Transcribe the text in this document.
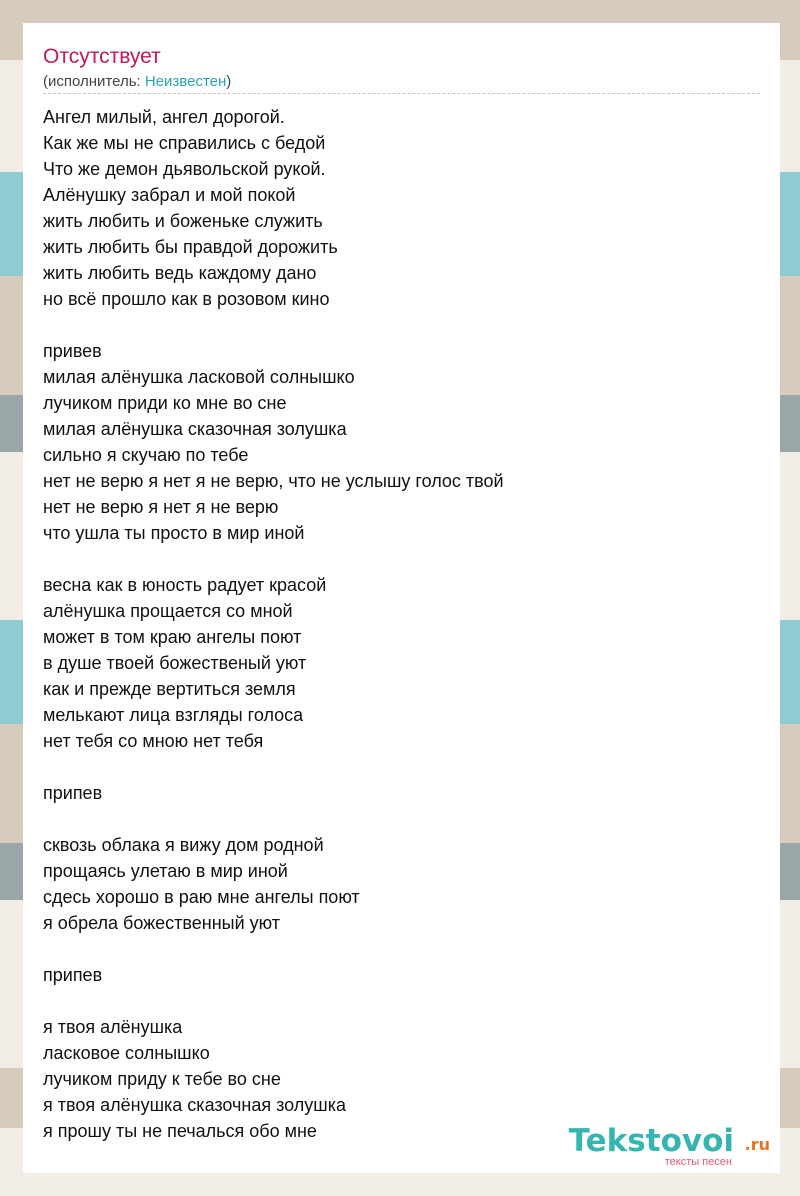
Отсутствует
(исполнитель: Неизвестен)
Ангел милый, ангел дорогой.
Как же мы не справились с бедой
Что же демон дьявольской рукой.
Алёнушку забрал и мой покой
жить любить и боженьке служить
жить любить бы правдой дорожить
жить любить ведь каждому дано
но всё прошло как в розовом кино
привев
милая алёнушка ласковой солнышко
лучиком приди ко мне во сне
милая алёнушка сказочная золушка
сильно я скучаю по тебе
нет не верю я нет я не верю, что не услышу голос твой
нет не верю я нет я не верю
что ушла ты просто в мир иной
весна как в юность радует красой
алёнушка прощается со мной
может в том краю ангелы поют
в душе твоей божественый уют
как и прежде вертиться земля
мелькают лица взгляды голоса
нет тебя со мною нет тебя
припев
сквозь облака я вижу дом родной
прощаясь улетаю в мир иной
сдесь хорошо в раю мне ангелы поют
я обрела божественный уют
припев
я твоя алёнушка
ласковое солнышко
лучиком приду к тебе во сне
я твоя алёнушка сказочная золушка
я прошу ты не печалься обо мне	Tekstovoi .ru
тексты песен
